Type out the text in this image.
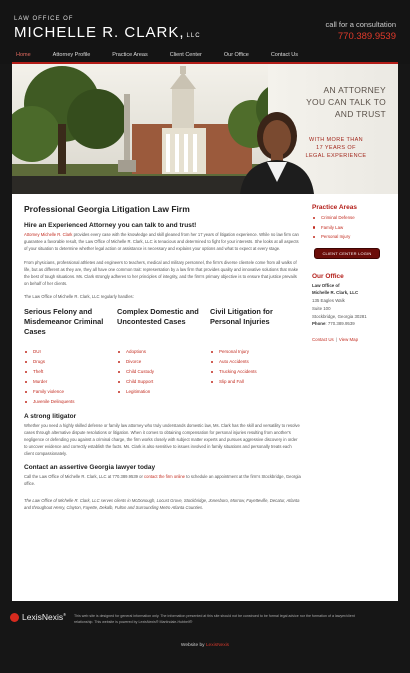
LAW OFFICE OF
MICHELLE R. CLARK, LLC
call for a consultation
770.389.9539
Home	Attorney Profile	Practice Areas	Client Center	Our Office	Contact Us
AN ATTORNEY
YOU CAN TALK TO
AND TRUST
WITH MORE THAN
17 YEARS OF
LEGAL EXPERIENCE
Professional Georgia Litigation Law Firm
Hire an Experienced Attorney you can talk to and trust!

Attorney Michelle R. Clark provides every case with the knowledge and skill gleaned from her 17 years of litigation experience. While no law firm can guarantee a favorable result, the Law Office of Michelle R. Clark, LLC is tenacious and determined to fight for your interests. She looks at all aspects of your situation to determine whether legal action or assistance is necessary and explains your options and what to expect at every stage.

From physicians, professional athletes and engineers to teachers, medical and military personnel, the firm's diverse clientele come from all walks of life, but as different as they are, they all have one common trait: representation by a law firm that provides quality and innovative solutions that make the best of tough situations. Ms. Clark strongly adheres to her principles of integrity, and the firm's primary objective is to ensure that justice prevails on behalf of her clients.

The Law Office of Michelle R. Clark, LLC regularly handles:

Serious Felony and Misdemeanor Criminal Cases
DUI
Drugs
Theft
Murder
Family violence
Juvenile Delinquents
Complex Domestic and Uncontested Cases
Adoptions
Divorce
Child Custody
Child Support
Legitimation
Civil Litigation for Personal Injuries
Personal Injury
Auto Accidents
Trucking Accidents
Slip and Fall
A strong litigator

Whether you need a highly skilled defense or family law attorney who truly understands domestic law, Ms. Clark has the skill and versatility to resolve cases through alternative dispute resolutions or litigation. When it comes to obtaining compensation for personal injuries resulting from another's negligence or defending you against a criminal charge, the firm works closely with subject matter experts and pursues aggressive discovery in order to uncover evidence and correctly establish the facts. Ms. Clark is also sensitive to issues involved in family situations and personally treats each client compassionately.

Contact an assertive Georgia lawyer today

Call the Law Office of Michelle R. Clark, LLC at 770.389.9539 or contact the firm online to schedule an appointment at the firm's Stockbridge, Georgia office.

The Law Office of Michelle R. Clark, LLC serves clients in McDonough, Locust Grove, Stockbridge, Jonesboro, Morrow, Fayetteville, Decatur, Atlanta and throughout Henry, Clayton, Fayette, Dekalb, Fulton and Surrounding Metro Atlanta Counties.

Practice Areas
Criminal Defense
Family Law
Personal Injury
CLIENT CENTER LOGIN
Our Office
Law Office of
Michelle R. Clark, LLC
135 Eagles Walk
Suite 100
Stockbridge, Georgia 30281
Phone: 770.389.9539
Contact Us | View Map
LexisNexis® This web site is designed for general information only. The information presented at this site should not be construed to be formal legal advice nor the formation of a lawyer/client relationship. This website is powered by LexisNexis® Martindale-Hubbell®
Website by LexisNexis
